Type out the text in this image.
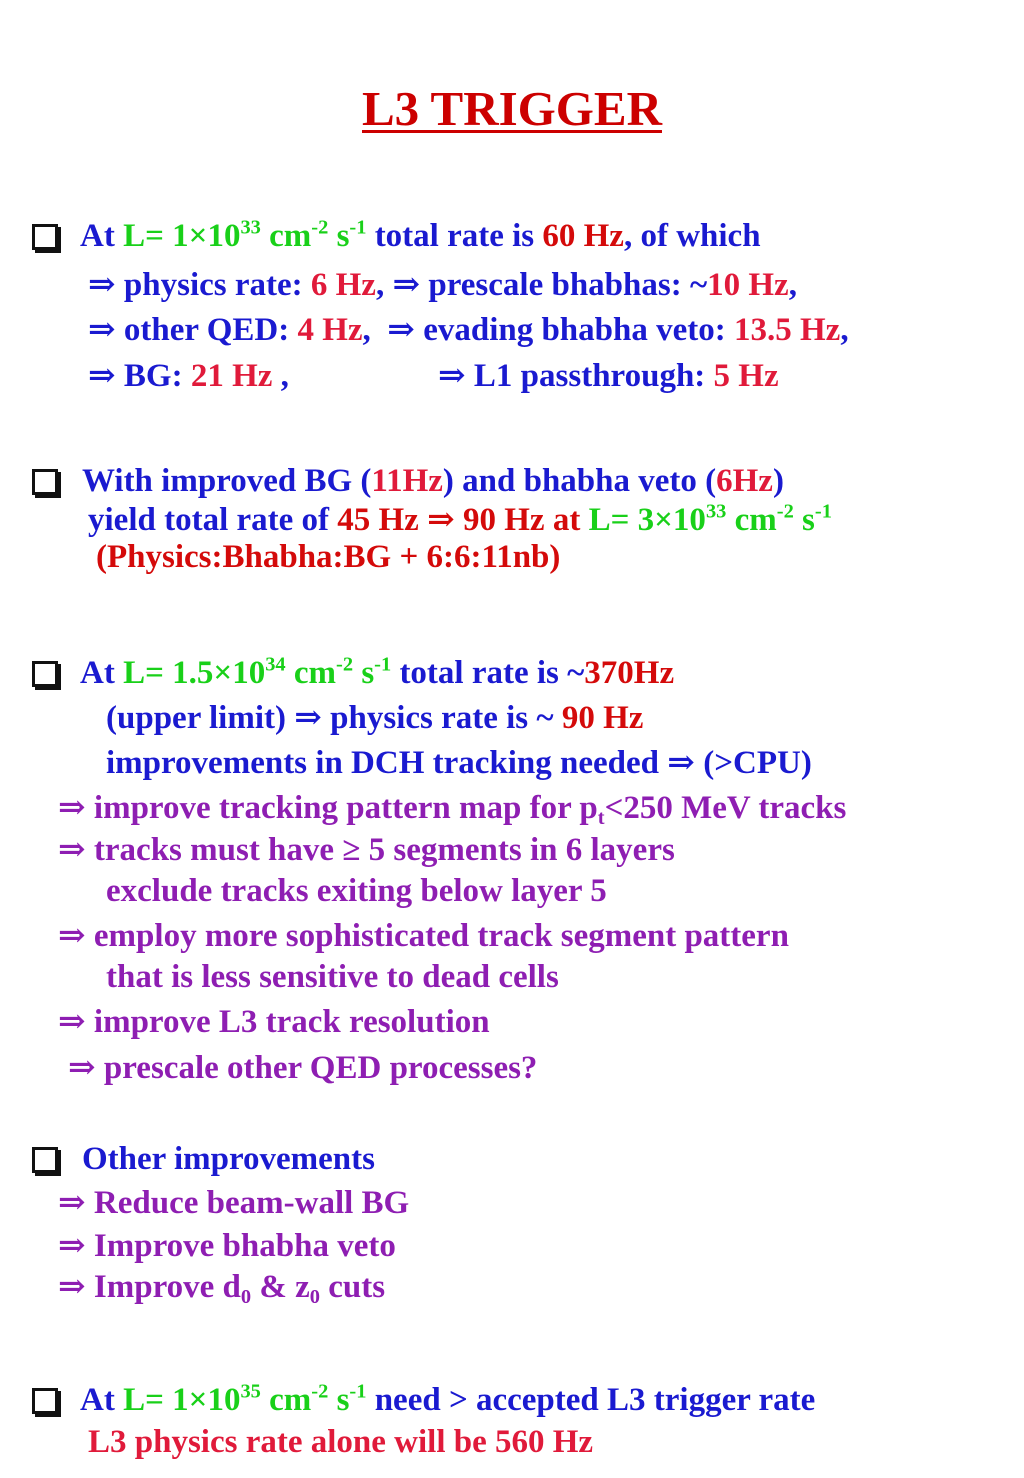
L3 TRIGGER
At $L= 1\times 10^{33}$ $cm^{-2}$ $s^{-1}$ total rate is 60 Hz, of which
⇒ physics rate: 6 Hz, ⇒ prescale bhabhas: ~10 Hz,
⇒ other QED: 4 Hz, ⇒ evading bhabha veto: 13.5 Hz,
⇒ BG: 21 Hz ,	⇒ L1 passthrough: 5 Hz
With improved BG (11Hz) and bhabha veto (6Hz)
yield total rate of 45 Hz ⇒ 90 Hz at $L= 3\times 10^{33}$ $cm^{-2}$ $s^{-1}$
(Physics:Bhabha:BG + 6:6:11nb)
At $L= 1.5\times 10^{34}$ $cm^{-2}$ $s^{-1}$ total rate is ~370Hz
(upper limit) ⇒ physics rate is ~ 90 Hz
improvements in DCH tracking needed ⇒ (>CPU)
⇒ improve tracking pattern map for $p_t<250$ MeV tracks
⇒ tracks must have ≥ 5 segments in 6 layers
exclude tracks exiting below layer 5
⇒ employ more sophisticated track segment pattern
that is less sensitive to dead cells
⇒ improve L3 track resolution
⇒ prescale other QED processes?
Other improvements
⇒ Reduce beam-wall BG
⇒ Improve bhabha veto
⇒ Improve $d_0$ & $z_0$ cuts
At $L= 1\times 10^{35}$ $cm^{-2}$ $s^{-1}$ need > accepted L3 trigger rate
L3 physics rate alone will be 560 Hz
